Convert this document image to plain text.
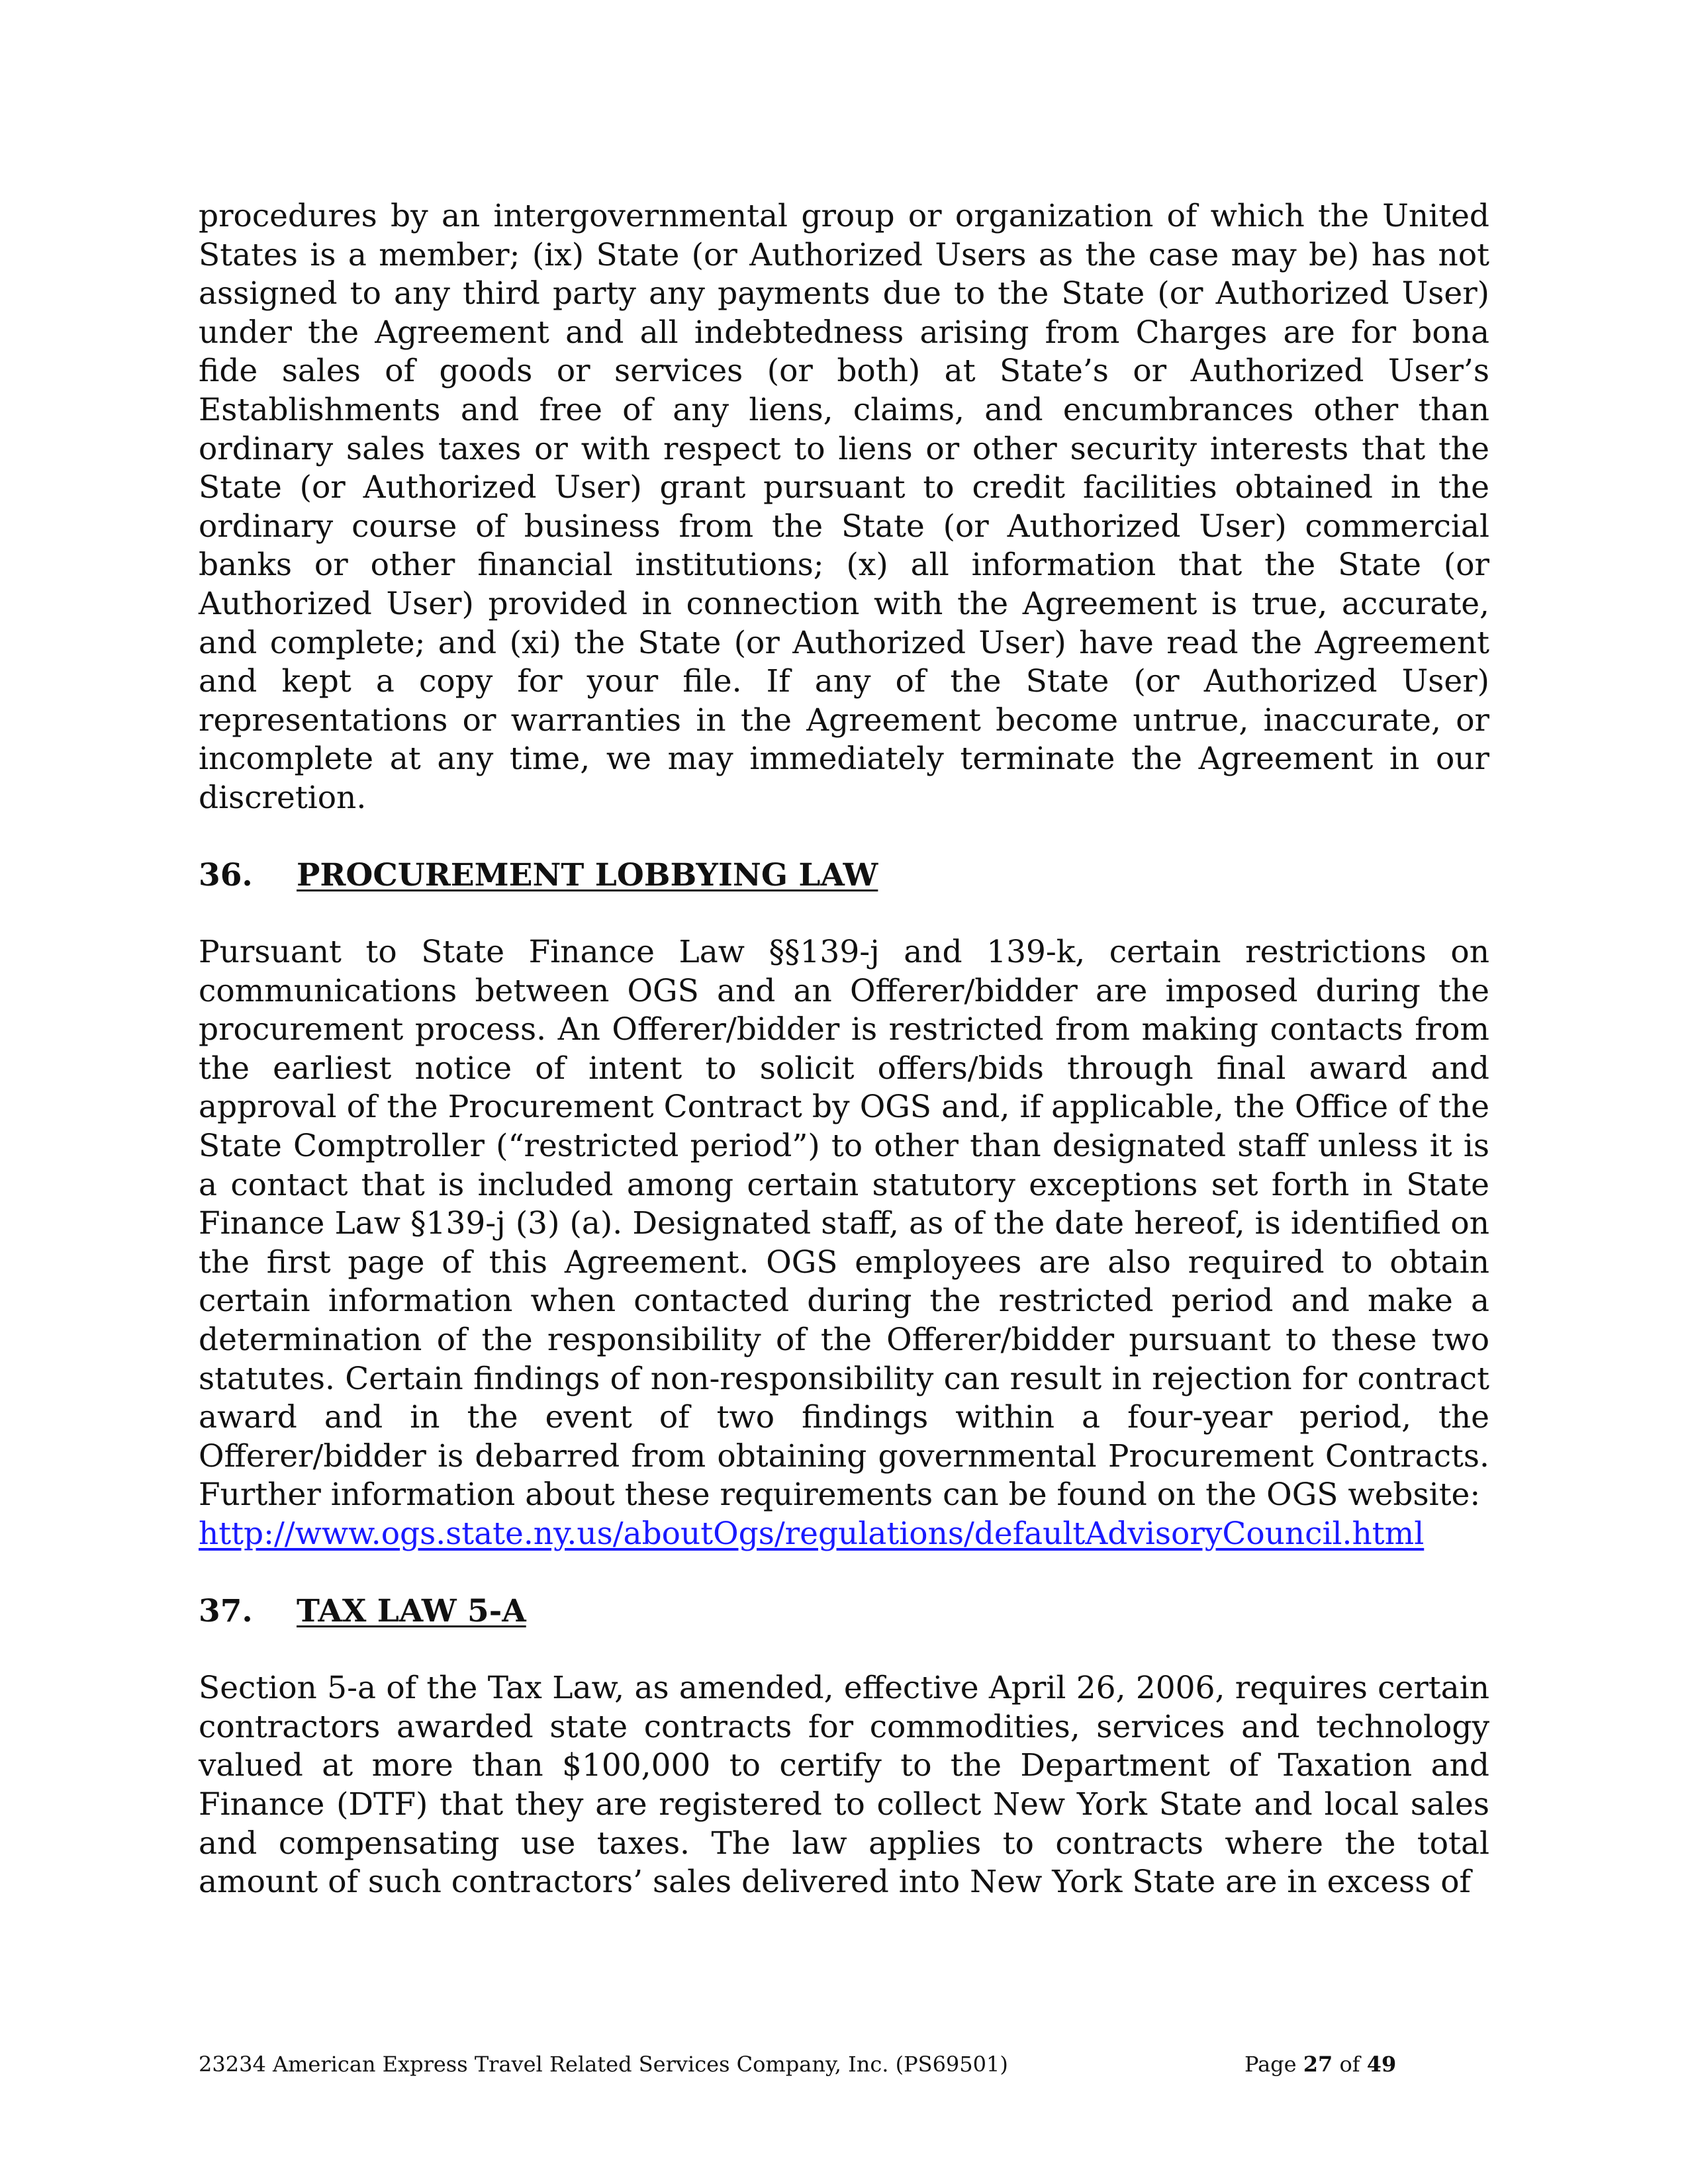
procedures by an intergovernmental group or organization of which the United States is a member; (ix) State (or Authorized Users as the case may be) has not assigned to any third party any payments due to the State (or Authorized User) under the Agreement and all indebtedness arising from Charges are for bona fide sales of goods or services (or both) at State’s or Authorized User’s Establishments and free of any liens, claims, and encumbrances other than ordinary sales taxes or with respect to liens or other security interests that the State (or Authorized User) grant pursuant to credit facilities obtained in the ordinary course of business from the State (or Authorized User) commercial banks or other financial institutions; (x) all information that the State (or Authorized User) provided in connection with the Agreement is true, accurate, and complete; and (xi) the State (or Authorized User) have read the Agreement and kept a copy for your file. If any of the State (or Authorized User) representations or warranties in the Agreement become untrue, inaccurate, or incomplete at any time, we may immediately terminate the Agreement in our discretion.

36.	PROCUREMENT LOBBYING LAW

Pursuant to State Finance Law §§139-j and 139-k, certain restrictions on communications between OGS and an Offerer/bidder are imposed during the procurement process. An Offerer/bidder is restricted from making contacts from the earliest notice of intent to solicit offers/bids through final award and approval of the Procurement Contract by OGS and, if applicable, the Office of the State Comptroller (“restricted period”) to other than designated staff unless it is a contact that is included among certain statutory exceptions set forth in State Finance Law §139-j (3) (a). Designated staff, as of the date hereof, is identified on the first page of this Agreement. OGS employees are also required to obtain certain information when contacted during the restricted period and make a determination of the responsibility of the Offerer/bidder pursuant to these two statutes. Certain findings of non-responsibility can result in rejection for contract award and in the event of two findings within a four-year period, the Offerer/bidder is debarred from obtaining governmental Procurement Contracts. Further information about these requirements can be found on the OGS website:

http://www.ogs.state.ny.us/aboutOgs/regulations/defaultAdvisoryCouncil.html
37.	TAX LAW 5-A

Section 5-a of the Tax Law, as amended, effective April 26, 2006, requires certain contractors awarded state contracts for commodities, services and technology valued at more than $100,000 to certify to the Department of Taxation and Finance (DTF) that they are registered to collect New York State and local sales and compensating use taxes. The law applies to contracts where the total amount of such contractors’ sales delivered into New York State are in excess of

23234 American Express Travel Related Services Company, Inc. (PS69501)	Page 27 of 49
